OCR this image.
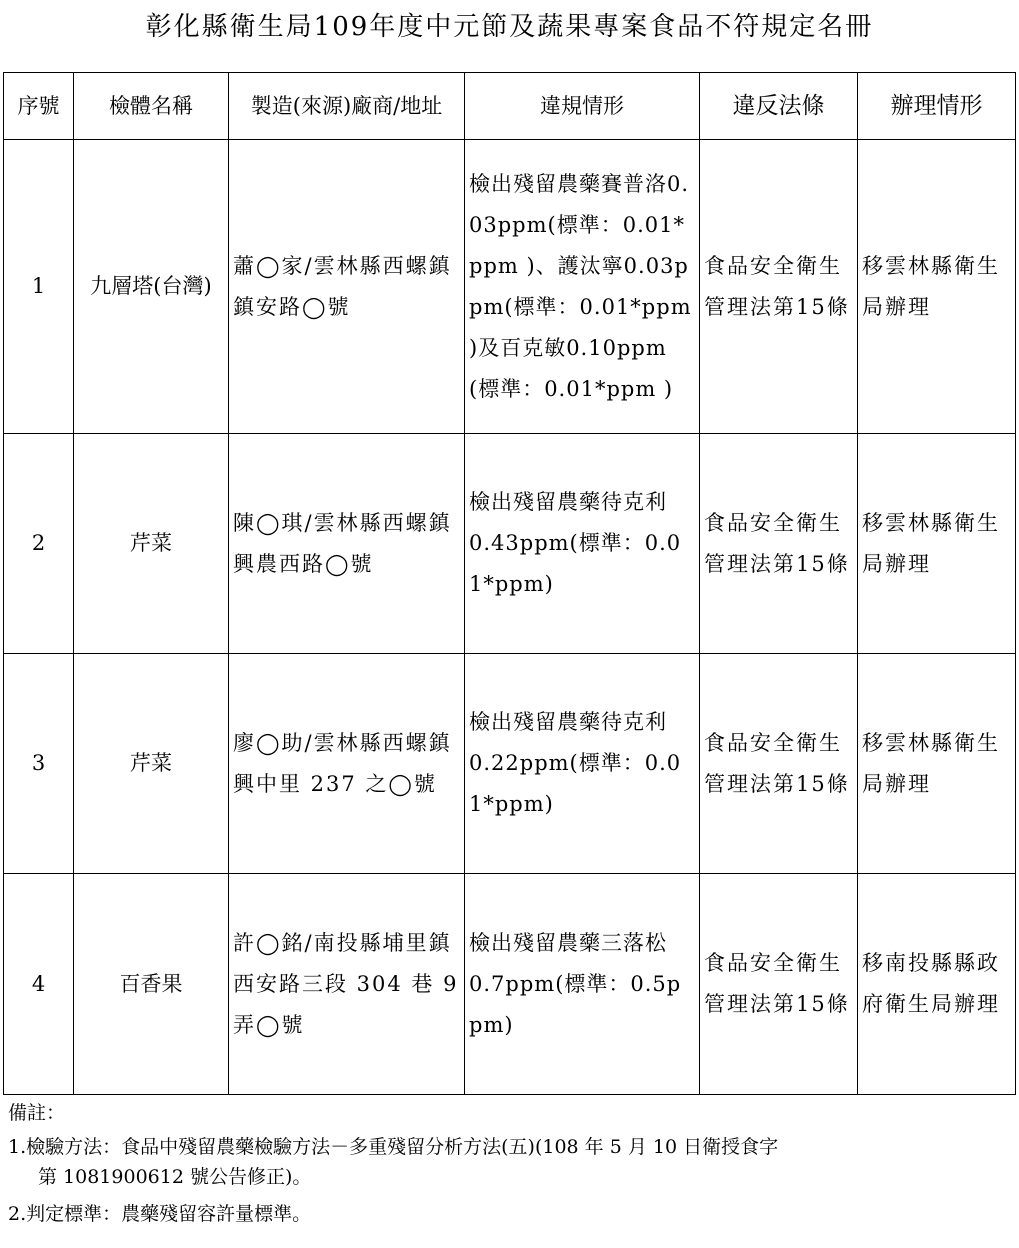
彰化縣衛生局109年度中元節及蔬果專案食品不符規定名冊
序號	檢體名稱	製造(來源)廠商/地址	違規情形	違反法條	辦理情形
1	九層塔(台灣)	蕭◯家/雲林縣西螺鎮鎮安路◯號	檢出殘留農藥賽普洛0.03ppm(標準：0.01*ppm )、護汰寧0.03ppm(標準：0.01*ppm )及百克敏0.10ppm(標準：0.01*ppm )	食品安全衛生管理法第15條	移雲林縣衛生局辦理
2	芹菜	陳◯琪/雲林縣西螺鎮興農西路◯號	檢出殘留農藥待克利 0.43ppm(標準：0.01*ppm)	食品安全衛生管理法第15條	移雲林縣衛生局辦理
3	芹菜	廖◯助/雲林縣西螺鎮興中里 237 之◯號	檢出殘留農藥待克利 0.22ppm(標準：0.01*ppm)	食品安全衛生管理法第15條	移雲林縣衛生局辦理
4	百香果	許◯銘/南投縣埔里鎮西安路三段 304 巷 9 弄◯號	檢出殘留農藥三落松 0.7ppm(標準：0.5ppm)	食品安全衛生管理法第15條	移南投縣縣政府衛生局辦理
備註：
1.檢驗方法：食品中殘留農藥檢驗方法－多重殘留分析方法(五)(108 年 5 月 10 日衛授食字
第 1081900612 號公告修正)。
2.判定標準：農藥殘留容許量標準。
